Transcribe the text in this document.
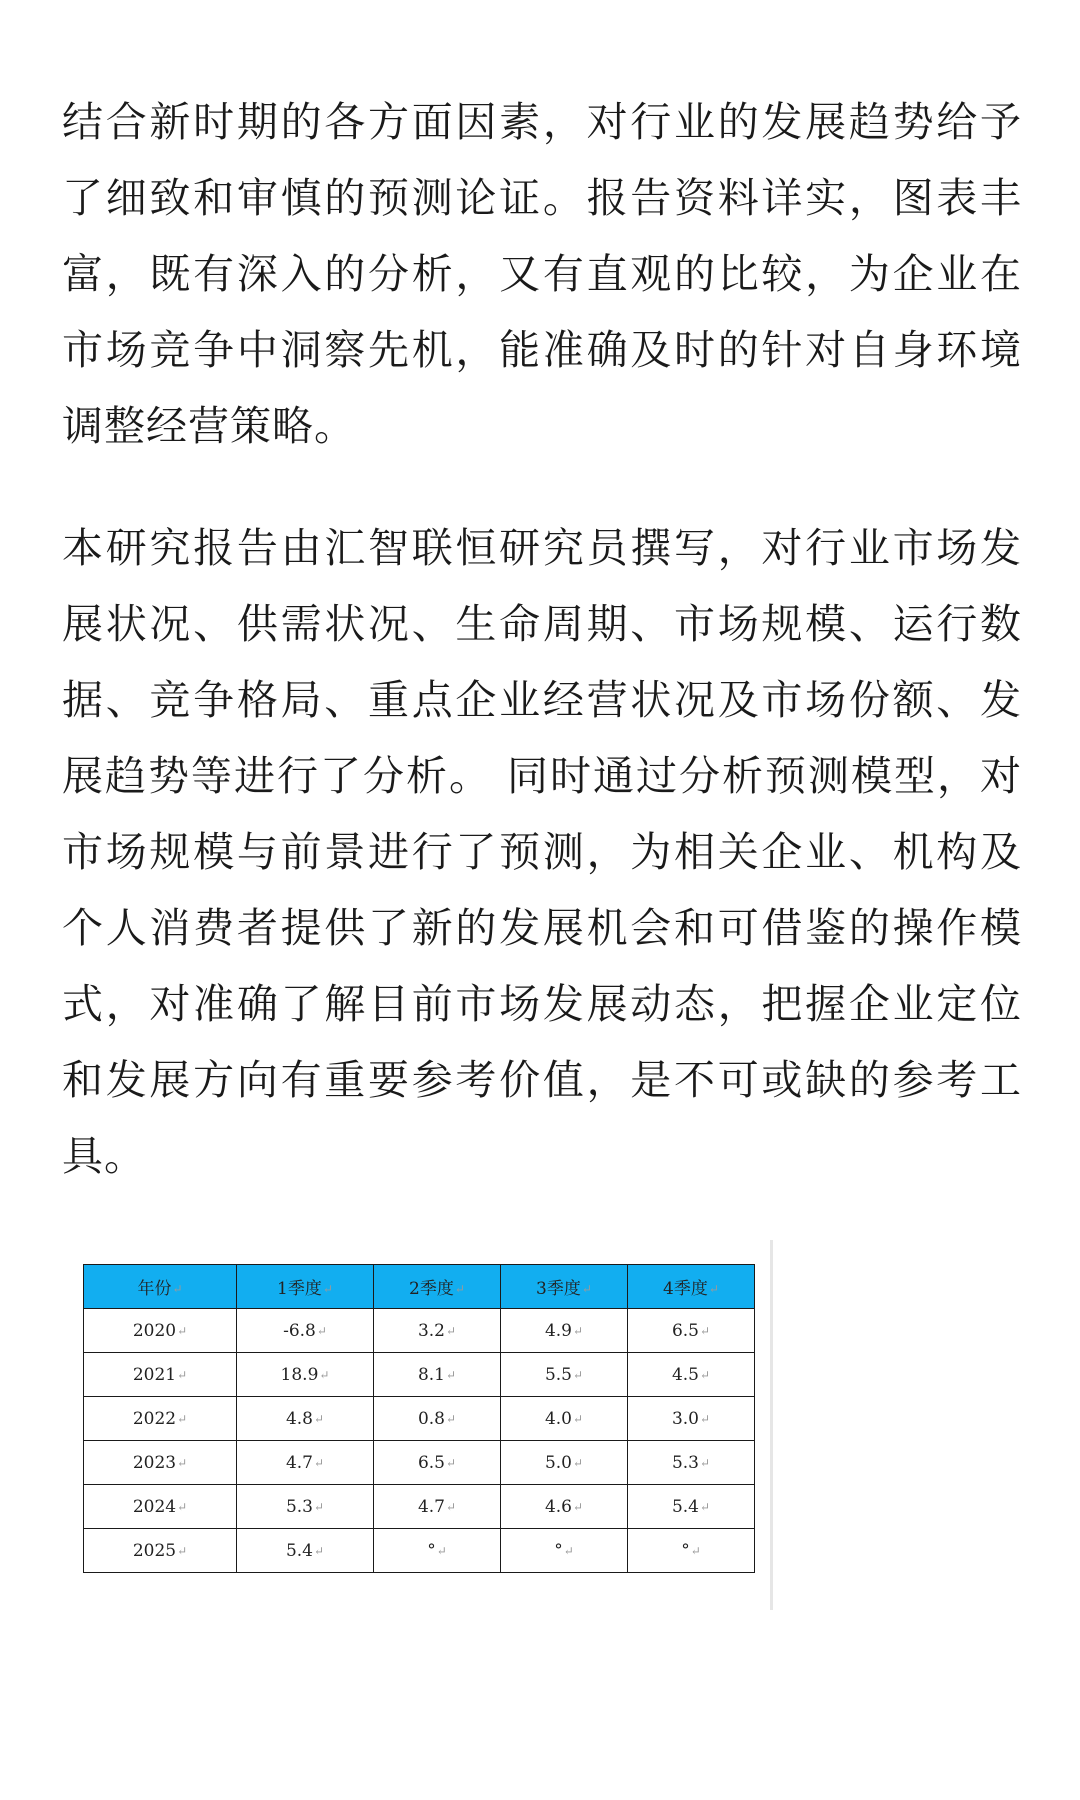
结合新时期的各方面因素，对行业的发展趋势给予了细致和审慎的预测论证。报告资料详实，图表丰富，既有深入的分析，又有直观的比较，为企业在市场竞争中洞察先机，能准确及时的针对自身环境调整经营策略。

本研究报告由汇智联恒研究员撰写，对行业市场发展状况、供需状况、生命周期、市场规模、运行数据、竞争格局、重点企业经营状况及市场份额、发展趋势等进行了分析。 同时通过分析预测模型，对市场规模与前景进行了预测，为相关企业、机构及个人消费者提供了新的发展机会和可借鉴的操作模式，对准确了解目前市场发展动态，把握企业定位和发展方向有重要参考价值，是不可或缺的参考工具。

年份↵	1季度↵	2季度↵	3季度↵	4季度↵
2020↵	-6.8↵	3.2↵	4.9↵	6.5↵
2021↵	18.9↵	8.1↵	5.5↵	4.5↵
2022↵	4.8↵	0.8↵	4.0↵	3.0↵
2023↵	4.7↵	6.5↵	5.0↵	5.3↵
2024↵	5.3↵	4.7↵	4.6↵	5.4↵
2025↵	5.4↵	°↵	°↵	°↵
